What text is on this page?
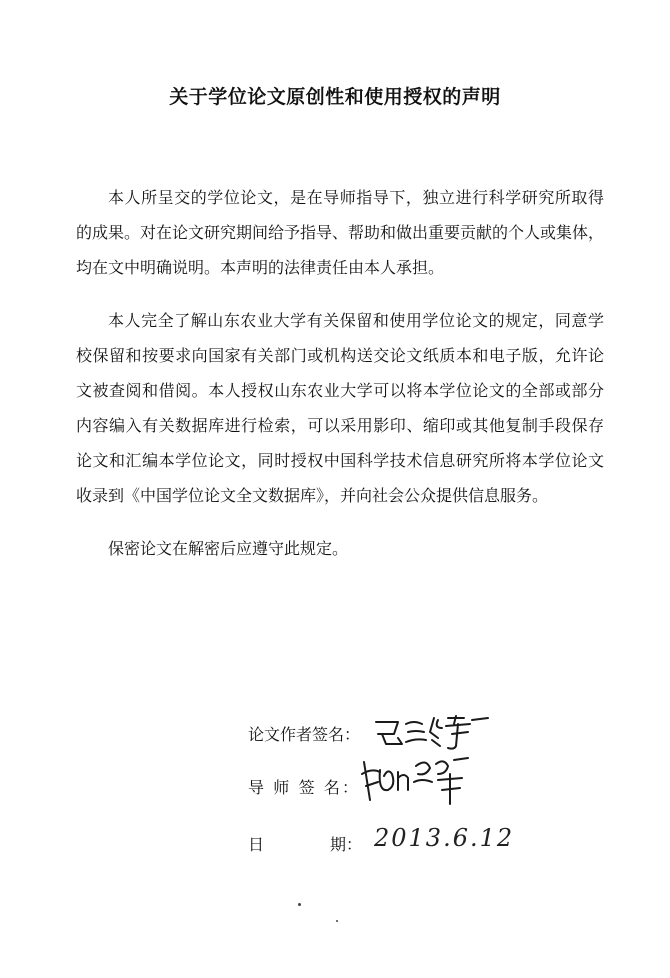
关于学位论文原创性和使用授权的声明

本人所呈交的学位论文，是在导师指导下，独立进行科学研究所取得
的成果。对在论文研究期间给予指导、帮助和做出重要贡献的个人或集体，
均在文中明确说明。本声明的法律责任由本人承担。

本人完全了解山东农业大学有关保留和使用学位论文的规定，同意学
校保留和按要求向国家有关部门或机构送交论文纸质本和电子版，允许论
文被查阅和借阅。本人授权山东农业大学可以将本学位论文的全部或部分
内容编入有关数据库进行检索，可以采用影印、缩印或其他复制手段保存
论文和汇编本学位论文，同时授权中国科学技术信息研究所将本学位论文
收录到《中国学位论文全文数据库》，并向社会公众提供信息服务。

保密论文在解密后应遵守此规定。

论文作者签名：
导 师 签 名：
日	期： 2013.6.12
